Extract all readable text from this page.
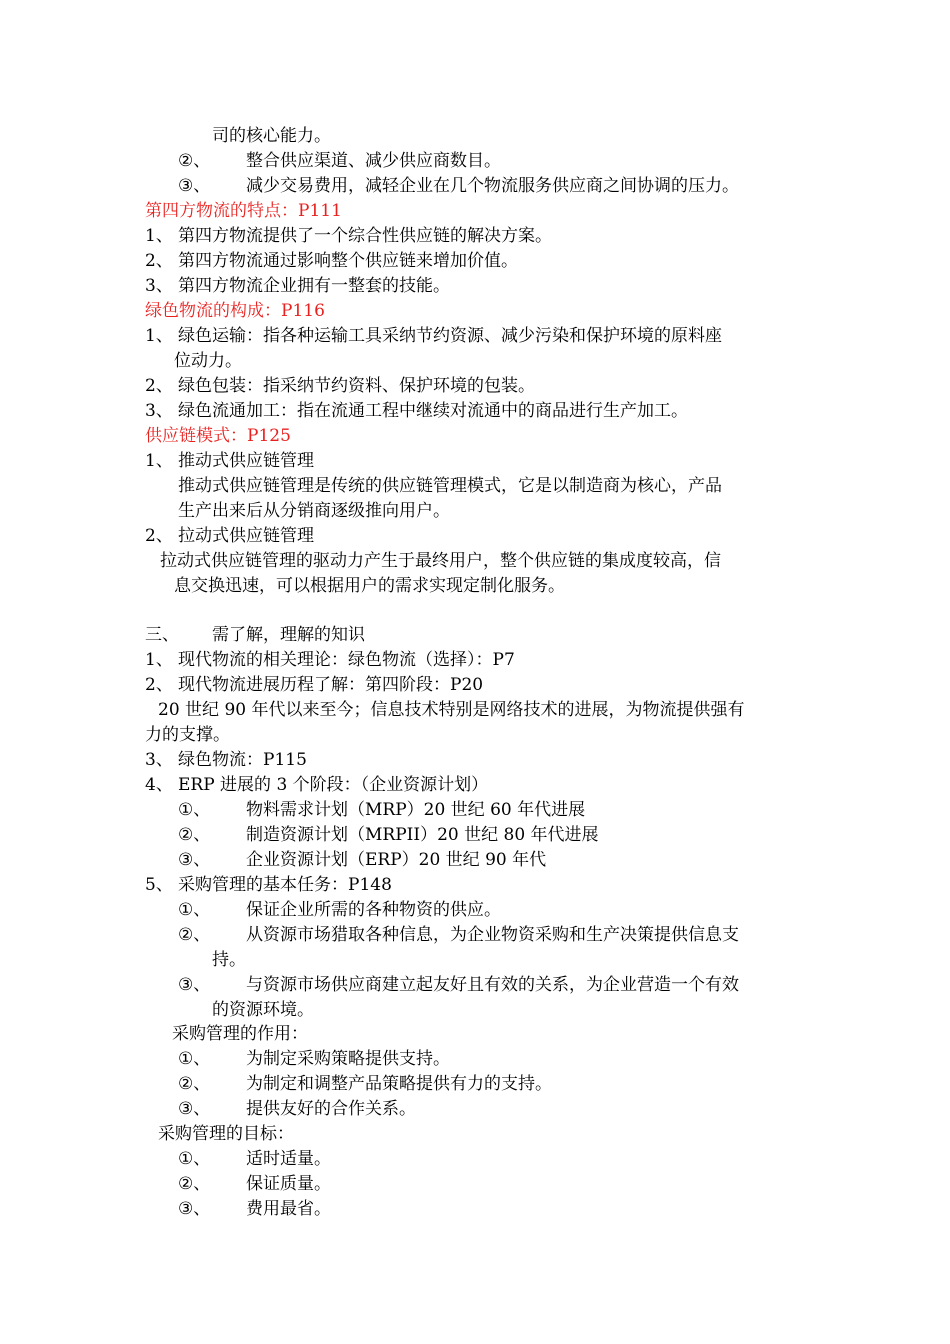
司的核心能力。
②、 整合供应渠道、减少供应商数目。
③、 减少交易费用，减轻企业在几个物流服务供应商之间协调的压力。
第四方物流的特点：P111
1、 第四方物流提供了一个综合性供应链的解决方案。
2、 第四方物流通过影响整个供应链来增加价值。
3、 第四方物流企业拥有一整套的技能。
绿色物流的构成：P116
1、 绿色运输：指各种运输工具采纳节约资源、减少污染和保护环境的原料座
位动力。
2、 绿色包装：指采纳节约资料、保护环境的包装。
3、 绿色流通加工：指在流通工程中继续对流通中的商品进行生产加工。
供应链模式：P125
1、 推动式供应链管理
推动式供应链管理是传统的供应链管理模式，它是以制造商为核心，产品
生产出来后从分销商逐级推向用户。
2、 拉动式供应链管理
拉动式供应链管理的驱动力产生于最终用户，整个供应链的集成度较高，信
息交换迅速，可以根据用户的需求实现定制化服务。
三、 需了解，理解的知识
1、 现代物流的相关理论：绿色物流（选择）：P7
2、 现代物流进展历程了解：第四阶段：P20
20 世纪 90 年代以来至今；信息技术特别是网络技术的进展，为物流提供强有
力的支撑。
3、 绿色物流：P115
4、 ERP 进展的 3 个阶段：（企业资源计划）
①、 物料需求计划（MRP）20 世纪 60 年代进展
②、 制造资源计划（MRPII）20 世纪 80 年代进展
③、 企业资源计划（ERP）20 世纪 90 年代
5、 采购管理的基本任务：P148
①、 保证企业所需的各种物资的供应。
②、 从资源市场猎取各种信息，为企业物资采购和生产决策提供信息支
持。
③、 与资源市场供应商建立起友好且有效的关系，为企业营造一个有效
的资源环境。
采购管理的作用：
①、 为制定采购策略提供支持。
②、 为制定和调整产品策略提供有力的支持。
③、 提供友好的合作关系。
采购管理的目标：
①、 适时适量。
②、 保证质量。
③、 费用最省。
